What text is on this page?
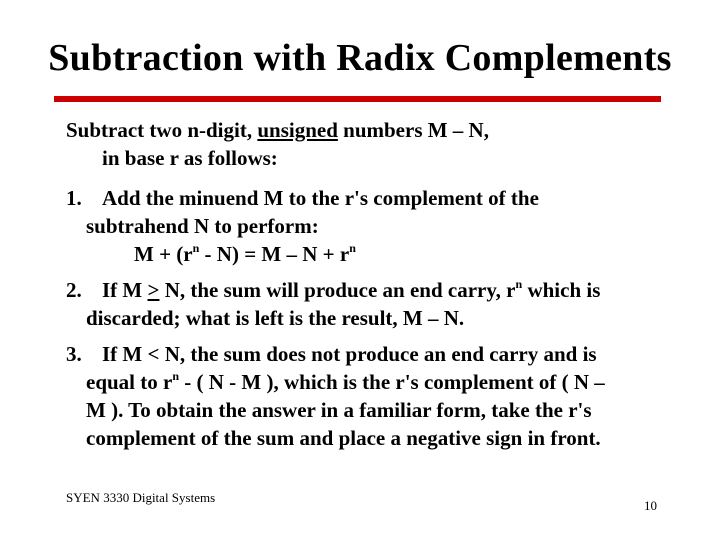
Subtraction with Radix Complements
Subtract two n-digit, unsigned numbers M – N,
in base r as follows:
1. Add the minuend M to the r's complement of the
subtrahend N to perform:
$M + (r^n - N) = M - N + r^n$
2. If M > N, the sum will produce an end carry, $r^n$ which is
discarded; what is left is the result, M – N.
3. If M < N, the sum does not produce an end carry and is
equal to $r^n$ - ( N - M ), which is the r's complement of ( N –
M ). To obtain the answer in a familiar form, take the r's
complement of the sum and place a negative sign in front.
SYEN 3330 Digital Systems
10
